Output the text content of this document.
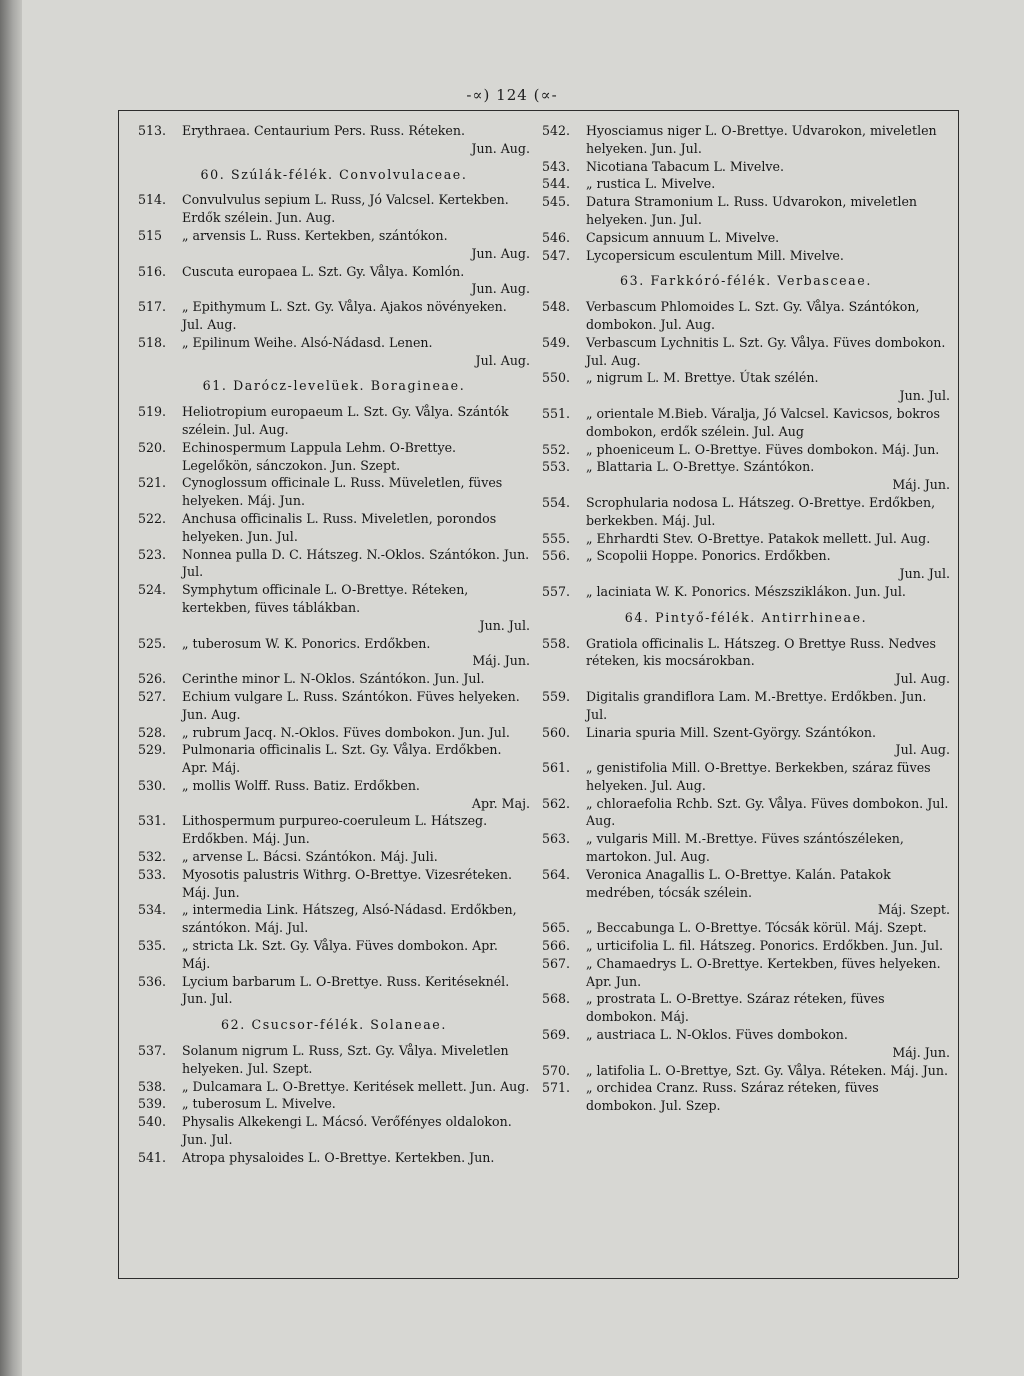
-∝) 124 (∝-
513. Erythraea. Centaurium Pers. Russ. Réteken.
Jun. Aug.
60. Szúlák-félék. Convolvulaceae.
514. Convulvulus sepium L. Russ, Jó Valcsel. Kertekben. Erdők szélein. Jun. Aug.
515 „ arvensis L. Russ. Kertekben, szántókon.
Jun. Aug.
516. Cuscuta europaea L. Szt. Gy. Vålya. Komlón.
Jun. Aug.
517. „ Epithymum L. Szt. Gy. Vålya. Ajakos növényeken. Jul. Aug.
518. „ Epilinum Weihe. Alsó-Nádasd. Lenen.
Jul. Aug.
61. Darócz-levelüek. Boragineae.
519. Heliotropium europaeum L. Szt. Gy. Vålya. Szántók szélein. Jul. Aug.
520. Echinospermum Lappula Lehm. O-Brettye. Legelőkön, sánczokon. Jun. Szept.
521. Cynoglossum officinale L. Russ. Müveletlen, füves helyeken. Máj. Jun.
522. Anchusa officinalis L. Russ. Miveletlen, porondos helyeken. Jun. Jul.
523. Nonnea pulla D. C. Hátszeg. N.-Oklos. Szántókon. Jun. Jul.
524. Symphytum officinale L. O-Brettye. Réteken, kertekben, füves táblákban.
Jun. Jul.
525. „ tuberosum W. K. Ponorics. Erdőkben.
Máj. Jun.
526. Cerinthe minor L. N-Oklos. Szántókon. Jun. Jul.
527. Echium vulgare L. Russ. Szántókon. Füves helyeken. Jun. Aug.
528. „ rubrum Jacq. N.-Oklos. Füves dombokon. Jun. Jul.
529. Pulmonaria officinalis L. Szt. Gy. Vålya. Erdőkben. Apr. Máj.
530. „ mollis Wolff. Russ. Batiz. Erdőkben.
Apr. Maj.
531. Lithospermum purpureo-coeruleum L. Hátszeg. Erdőkben. Máj. Jun.
532. „ arvense L. Bácsi. Szántókon. Máj. Juli.
533. Myosotis palustris Withrg. O-Brettye. Vizesréteken. Máj. Jun.
534. „ intermedia Link. Hátszeg, Alsó-Nádasd. Erdőkben, szántókon. Máj. Jul.
535. „ stricta Lk. Szt. Gy. Vålya. Füves dombokon. Apr. Máj.
536. Lycium barbarum L. O-Brettye. Russ. Keritéseknél. Jun. Jul.
62. Csucsor-félék. Solaneae.
537. Solanum nigrum L. Russ, Szt. Gy. Vålya. Miveletlen helyeken. Jul. Szept.
538. „ Dulcamara L. O-Brettye. Keritések mellett. Jun. Aug.
539. „ tuberosum L. Mivelve.
540. Physalis Alkekengi L. Mácsó. Verőfényes oldalokon. Jun. Jul.
541. Atropa physaloides L. O-Brettye. Kertekben. Jun.
542. Hyosciamus niger L. O-Brettye. Udvarokon, miveletlen helyeken. Jun. Jul.
543. Nicotiana Tabacum L. Mivelve.
544. „ rustica L. Mivelve.
545. Datura Stramonium L. Russ. Udvarokon, miveletlen helyeken. Jun. Jul.
546. Capsicum annuum L. Mivelve.
547. Lycopersicum esculentum Mill. Mivelve.
63. Farkkóró-félék. Verbasceae.
548. Verbascum Phlomoides L. Szt. Gy. Vålya. Szántókon, dombokon. Jul. Aug.
549. Verbascum Lychnitis L. Szt. Gy. Vålya. Füves dombokon. Jul. Aug.
550. „ nigrum L. M. Brettye. Útak szélén.
Jun. Jul.
551. „ orientale M.Bieb. Váralja, Jó Valcsel. Kavicsos, bokros dombokon, erdők szélein. Jul. Aug
552. „ phoeniceum L. O-Brettye. Füves dombokon. Máj. Jun.
553. „ Blattaria L. O-Brettye. Szántókon.
Máj. Jun.
554. Scrophularia nodosa L. Hátszeg. O-Brettye. Erdőkben, berkekben. Máj. Jul.
555. „ Ehrhardti Stev. O-Brettye. Patakok mellett. Jul. Aug.
556. „ Scopolii Hoppe. Ponorics. Erdőkben.
Jun. Jul.
557. „ laciniata W. K. Ponorics. Mészsziklákon. Jun. Jul.
64. Pintyő-félék. Antirrhineae.
558. Gratiola officinalis L. Hátszeg. O Brettye Russ. Nedves réteken, kis mocsárokban.
Jul. Aug.
559. Digitalis grandiflora Lam. M.-Brettye. Erdőkben. Jun. Jul.
560. Linaria spuria Mill. Szent-György. Szántókon.
Jul. Aug.
561. „ genistifolia Mill. O-Brettye. Berkekben, száraz füves helyeken. Jul. Aug.
562. „ chloraefolia Rchb. Szt. Gy. Vålya. Füves dombokon. Jul. Aug.
563. „ vulgaris Mill. M.-Brettye. Füves szántószéleken, martokon. Jul. Aug.
564. Veronica Anagallis L. O-Brettye. Kalán. Patakok medrében, tócsák szélein.
Máj. Szept.
565. „ Beccabunga L. O-Brettye. Tócsák körül. Máj. Szept.
566. „ urticifolia L. fil. Hátszeg. Ponorics. Erdőkben. Jun. Jul.
567. „ Chamaedrys L. O-Brettye. Kertekben, füves helyeken. Apr. Jun.
568. „ prostrata L. O-Brettye. Száraz réteken, füves dombokon. Máj.
569. „ austriaca L. N-Oklos. Füves dombokon.
Máj. Jun.
570. „ latifolia L. O-Brettye, Szt. Gy. Vålya. Réteken. Máj. Jun.
571. „ orchidea Cranz. Russ. Száraz réteken, füves dombokon. Jul. Szep.
